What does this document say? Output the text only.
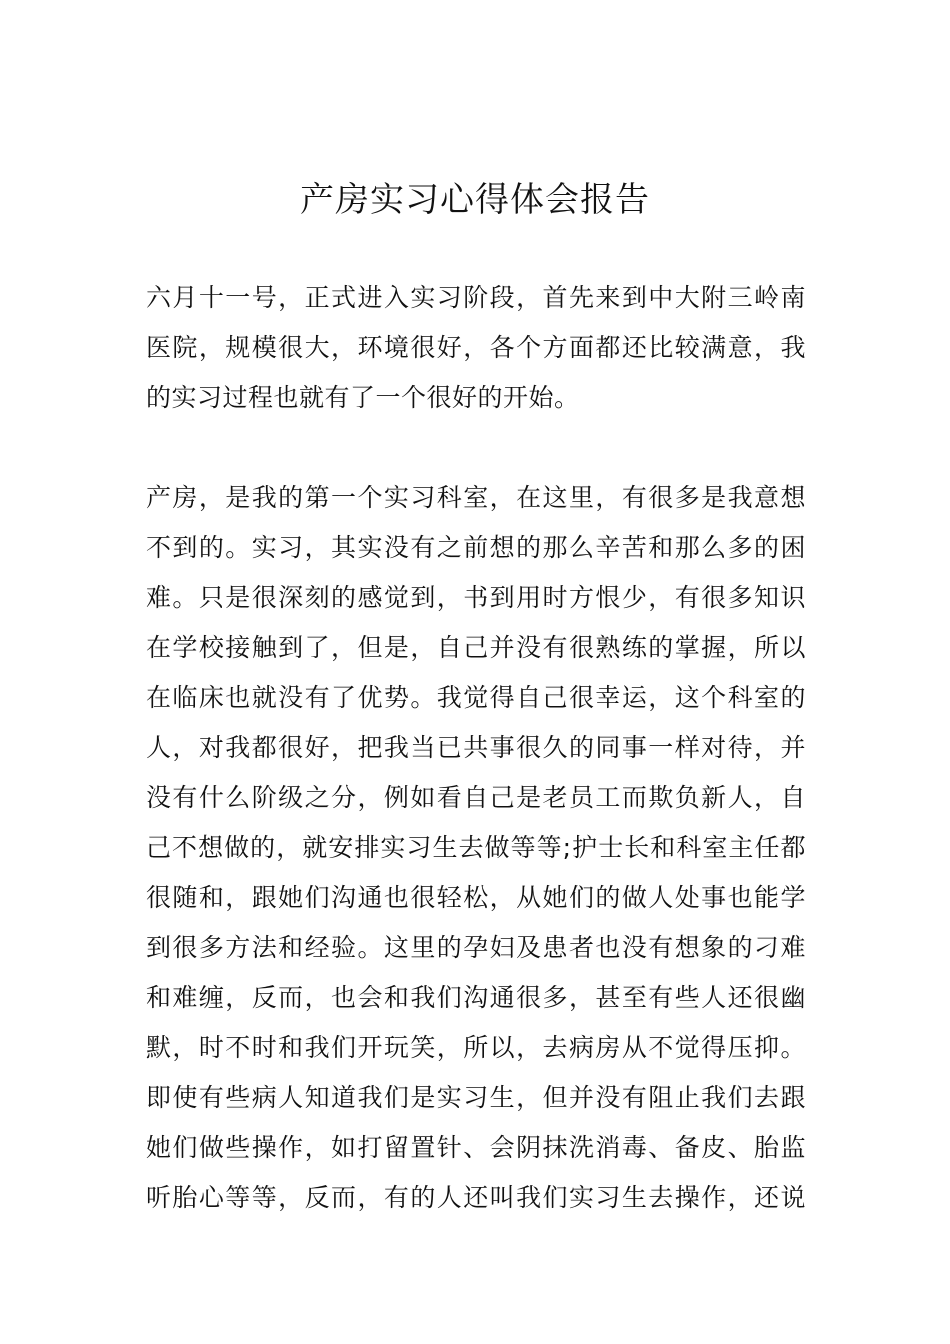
产房实习心得体会报告
六月十一号，正式进入实习阶段，首先来到中大附三岭南
医院，规模很大，环境很好，各个方面都还比较满意，我
的实习过程也就有了一个很好的开始。
产房，是我的第一个实习科室，在这里，有很多是我意想
不到的。实习，其实没有之前想的那么辛苦和那么多的困
难。只是很深刻的感觉到，书到用时方恨少，有很多知识
在学校接触到了，但是，自己并没有很熟练的掌握，所以
在临床也就没有了优势。我觉得自己很幸运，这个科室的
人，对我都很好，把我当已共事很久的同事一样对待，并
没有什么阶级之分，例如看自己是老员工而欺负新人，自
己不想做的，就安排实习生去做等等;护士长和科室主任都
很随和，跟她们沟通也很轻松，从她们的做人处事也能学
到很多方法和经验。这里的孕妇及患者也没有想象的刁难
和难缠，反而，也会和我们沟通很多，甚至有些人还很幽
默，时不时和我们开玩笑，所以，去病房从不觉得压抑。
即使有些病人知道我们是实习生，但并没有阻止我们去跟
她们做些操作，如打留置针、会阴抹洗消毒、备皮、胎监
听胎心等等，反而，有的人还叫我们实习生去操作，还说
